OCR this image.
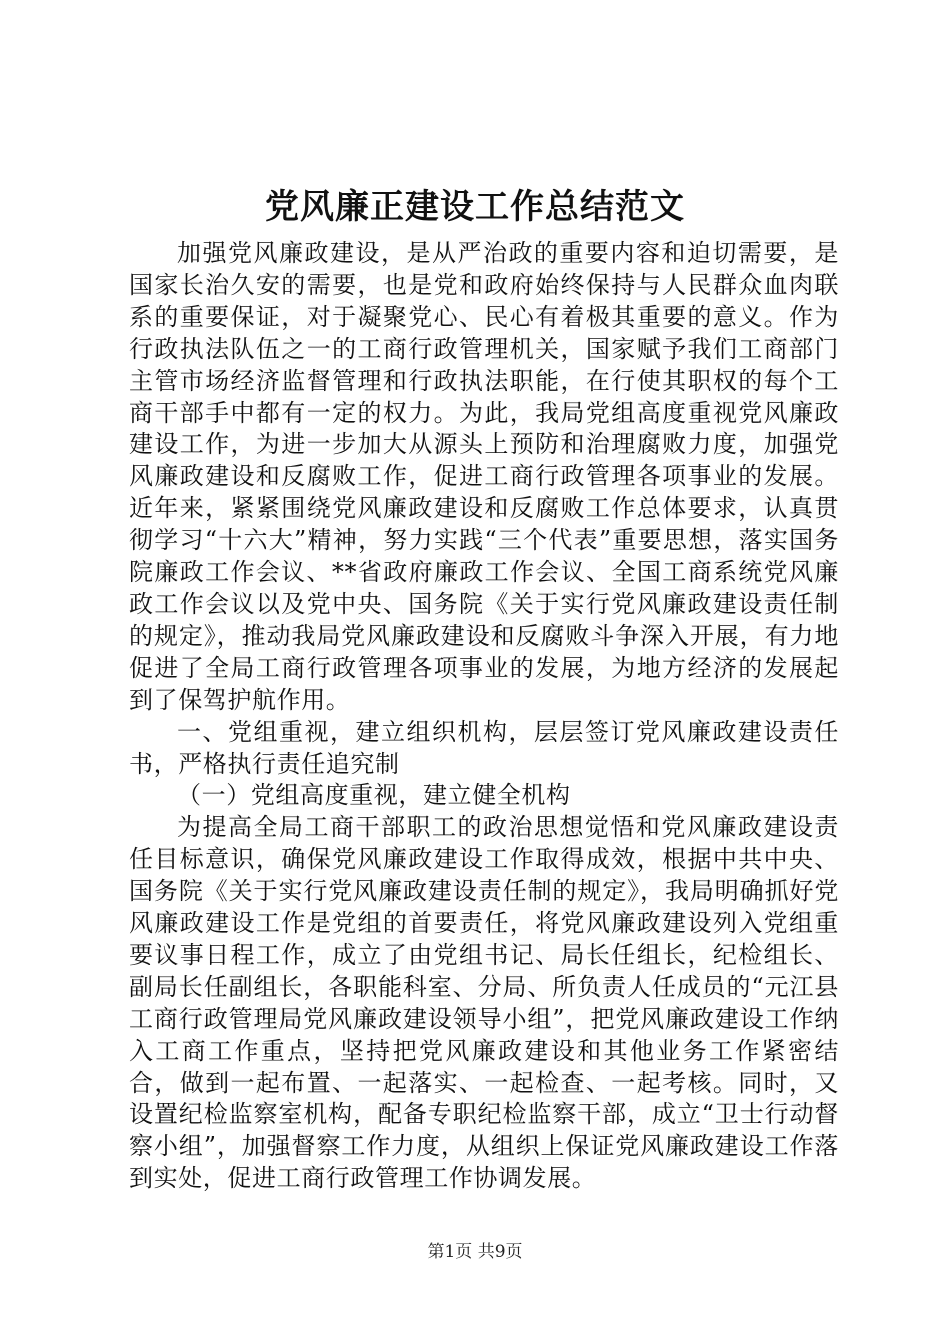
党风廉正建设工作总结范文

加强党风廉政建设，是从严治政的重要内容和迫切需要，是国家长治久安的需要，也是党和政府始终保持与人民群众血肉联系的重要保证，对于凝聚党心、民心有着极其重要的意义。作为行政执法队伍之一的工商行政管理机关，国家赋予我们工商部门主管市场经济监督管理和行政执法职能，在行使其职权的每个工商干部手中都有一定的权力。为此，我局党组高度重视党风廉政建设工作，为进一步加大从源头上预防和治理腐败力度，加强党风廉政建设和反腐败工作，促进工商行政管理各项事业的发展。近年来，紧紧围绕党风廉政建设和反腐败工作总体要求，认真贯彻学习“十六大”精神，努力实践“三个代表”重要思想，落实国务院廉政工作会议、**省政府廉政工作会议、全国工商系统党风廉政工作会议以及党中央、国务院《关于实行党风廉政建设责任制的规定》，推动我局党风廉政建设和反腐败斗争深入开展，有力地促进了全局工商行政管理各项事业的发展，为地方经济的发展起到了保驾护航作用。

一、党组重视，建立组织机构，层层签订党风廉政建设责任书，严格执行责任追究制

（一）党组高度重视，建立健全机构

为提高全局工商干部职工的政治思想觉悟和党风廉政建设责任目标意识，确保党风廉政建设工作取得成效，根据中共中央、国务院《关于实行党风廉政建设责任制的规定》，我局明确抓好党风廉政建设工作是党组的首要责任，将党风廉政建设列入党组重要议事日程工作，成立了由党组书记、局长任组长，纪检组长、副局长任副组长，各职能科室、分局、所负责人任成员的“元江县工商行政管理局党风廉政建设领导小组”，把党风廉政建设工作纳入工商工作重点，坚持把党风廉政建设和其他业务工作紧密结合，做到一起布置、一起落实、一起检查、一起考核。同时，又设置纪检监察室机构，配备专职纪检监察干部，成立“卫士行动督察小组”，加强督察工作力度，从组织上保证党风廉政建设工作落到实处，促进工商行政管理工作协调发展。

第1页 共9页
